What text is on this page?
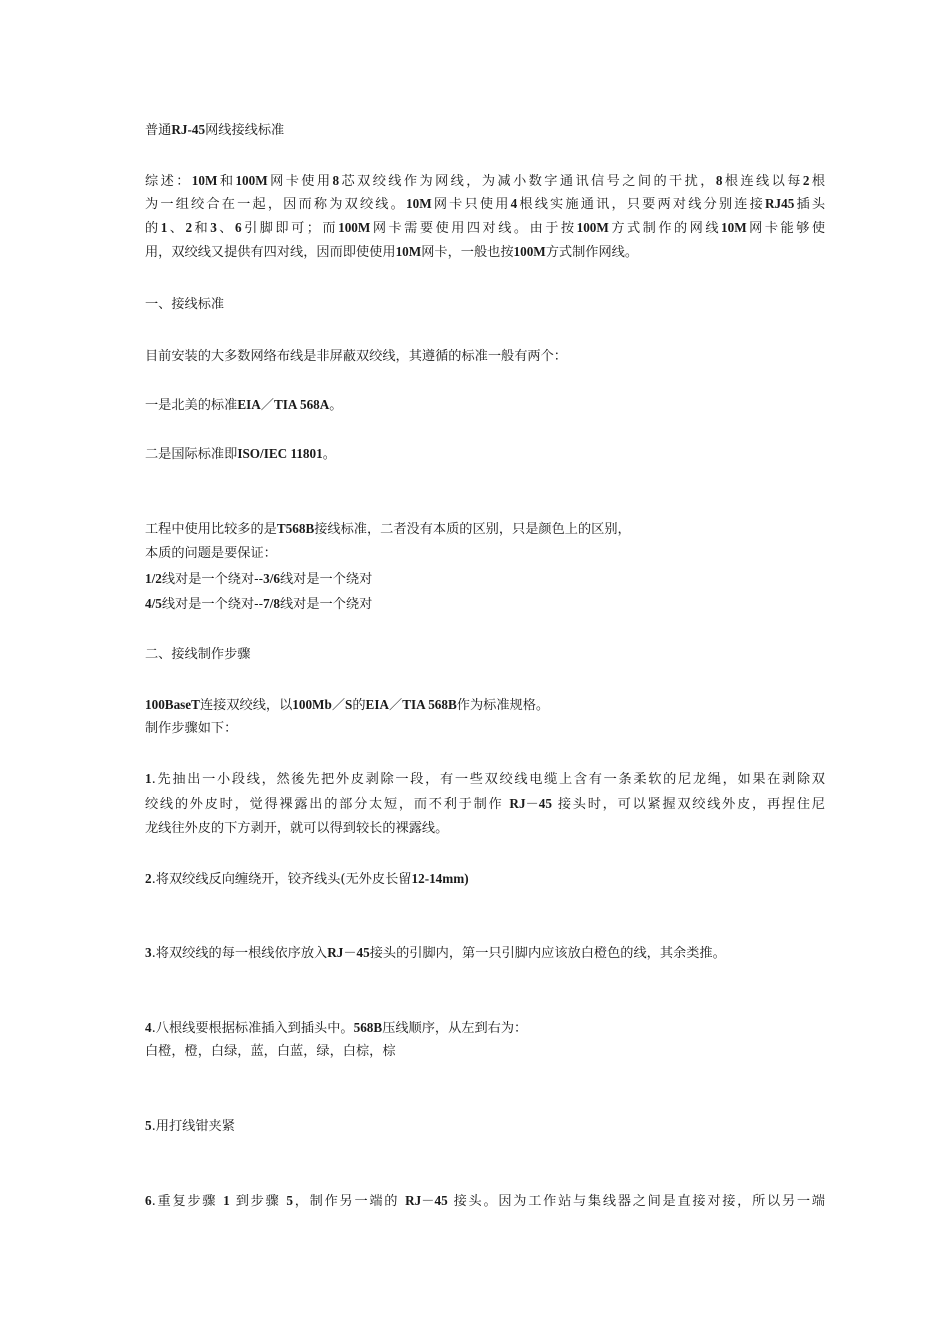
普通RJ-45网线接线标准
综述：10M和100M网卡使用8芯双绞线作为网线，为减小数字通讯信号之间的干扰，8根连线以每2根
为一组绞合在一起，因而称为双绞线。10M网卡只使用4根线实施通讯，只要两对线分别连接RJ45插头
的1、2和3、6引脚即可；而100M网卡需要使用四对线。由于按100M方式制作的网线10M网卡能够使
用，双绞线又提供有四对线，因而即使使用10M网卡，一般也按100M方式制作网线。
一、接线标准
目前安装的大多数网络布线是非屏蔽双绞线，其遵循的标准一般有两个：
一是北美的标准EIA／TIA 568A。
二是国际标准即ISO/IEC 11801。
工程中使用比较多的是T568B接线标准，二者没有本质的区别，只是颜色上的区别，
本质的问题是要保证：
1/2线对是一个绕对--3/6线对是一个绕对
4/5线对是一个绕对--7/8线对是一个绕对
二、接线制作步骤
100BaseT连接双绞线，以100Mb／S的EIA／TIA 568B作为标准规格。
制作步骤如下：
1.先抽出一小段线，然後先把外皮剥除一段，有一些双绞线电缆上含有一条柔软的尼龙绳，如果在剥除双
绞线的外皮时，觉得裸露出的部分太短，而不利于制作 RJ－45 接头时，可以紧握双绞线外皮，再捏住尼
龙线往外皮的下方剥开，就可以得到较长的裸露线。
2.将双绞线反向缠绕开，铰齐线头(无外皮长留12-14mm)
3.将双绞线的每一根线依序放入RJ－45接头的引脚内，第一只引脚内应该放白橙色的线，其余类推。
4.八根线要根据标准插入到插头中。568B压线顺序，从左到右为：
白橙，橙，白绿，蓝，白蓝，绿，白棕，棕
5.用打线钳夹紧
6.重复步骤 1 到步骤 5，制作另一端的 RJ－45 接头。因为工作站与集线器之间是直接对接，所以另一端
